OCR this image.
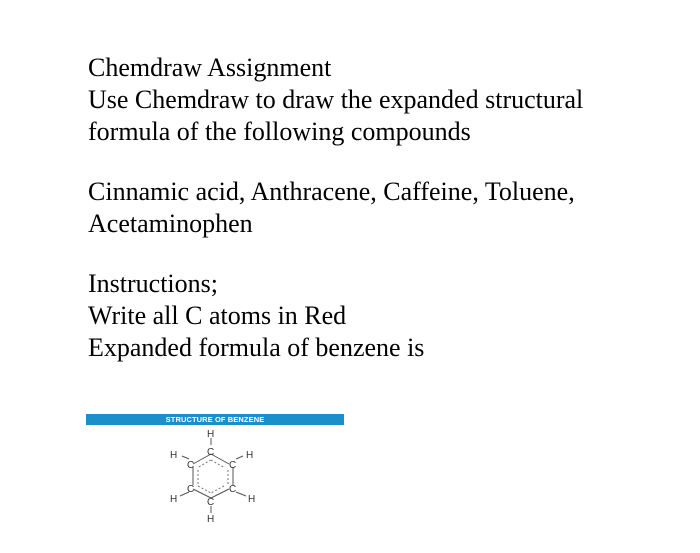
Chemdraw Assignment
Use Chemdraw to draw the expanded structural
formula of the following compounds
Cinnamic acid, Anthracene, Caffeine, Toluene,
Acetaminophen
Instructions;
Write all C atoms in Red
Expanded formula of benzene is
H
C
H	H
C	C
C	C
H	H
C
H
STRUCTURE OF BENZENE
